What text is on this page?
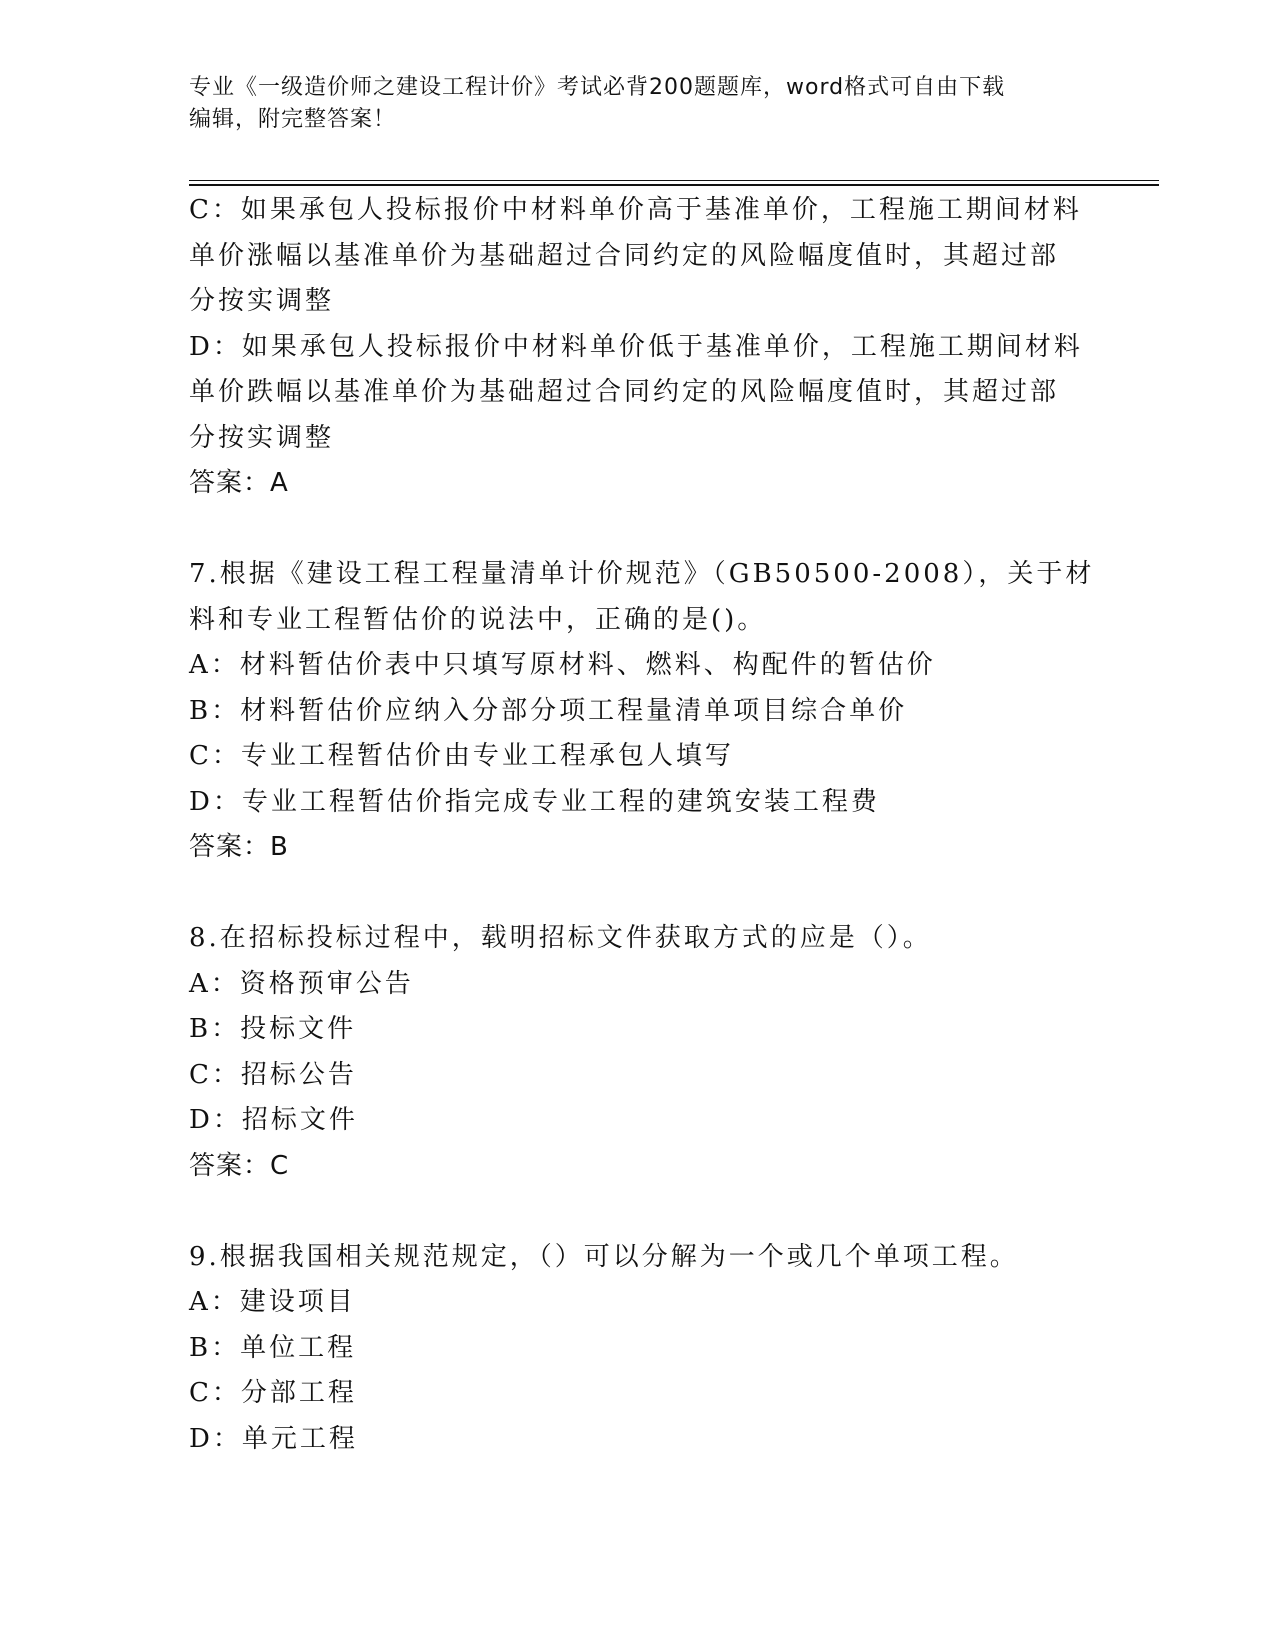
专业《一级造价师之建设工程计价》考试必背200题题库，word格式可自由下载
编辑，附完整答案！
C：如果承包人投标报价中材料单价高于基准单价，工程施工期间材料
单价涨幅以基准单价为基础超过合同约定的风险幅度值时，其超过部
分按实调整
D：如果承包人投标报价中材料单价低于基准单价，工程施工期间材料
单价跌幅以基准单价为基础超过合同约定的风险幅度值时，其超过部
分按实调整
答案：A
7.根据《建设工程工程量清单计价规范》（GB50500-2008），关于材
料和专业工程暂估价的说法中，正确的是()。
A：材料暂估价表中只填写原材料、燃料、构配件的暂估价
B：材料暂估价应纳入分部分项工程量清单项目综合单价
C：专业工程暂估价由专业工程承包人填写
D：专业工程暂估价指完成专业工程的建筑安装工程费
答案：B
8.在招标投标过程中，载明招标文件获取方式的应是（）。
A：资格预审公告
B：投标文件
C：招标公告
D：招标文件
答案：C
9.根据我国相关规范规定，（）可以分解为一个或几个单项工程。
A：建设项目
B：单位工程
C：分部工程
D：单元工程
